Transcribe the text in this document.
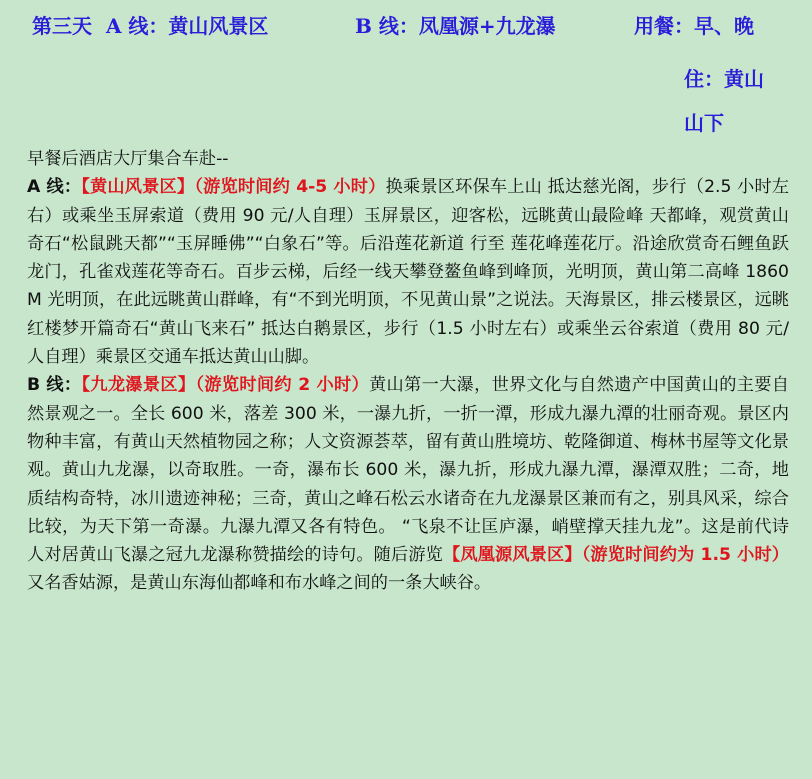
第三天 A 线：黄山风景区	B 线：凤凰源+九龙瀑	用餐：早、晚
住：黄山
山下

早餐后酒店大厅集合车赴--

A 线：【黄山风景区】（游览时间约 4-5 小时）换乘景区环保车上山 抵达慈光阁，步行（2.5 小时左右）或乘坐玉屏索道（费用 90 元/人自理）玉屏景区，迎客松，远眺黄山最险峰 天都峰，观赏黄山奇石“松鼠跳天都”“玉屏睡佛”“白象石”等。后沿莲花新道 行至 莲花峰莲花厅。沿途欣赏奇石鲤鱼跃龙门，孔雀戏莲花等奇石。百步云梯，后经一线天攀登鳌鱼峰到峰顶，光明顶，黄山第二高峰 1860M 光明顶，在此远眺黄山群峰，有“不到光明顶，不见黄山景”之说法。天海景区，排云楼景区，远眺红楼梦开篇奇石“黄山飞来石” 抵达白鹅景区，步行（1.5 小时左右）或乘坐云谷索道（费用 80 元/人自理）乘景区交通车抵达黄山山脚。

B 线：【九龙瀑景区】（游览时间约 2 小时）黄山第一大瀑，世界文化与自然遗产中国黄山的主要自然景观之一。全长 600 米，落差 300 米，一瀑九折，一折一潭，形成九瀑九潭的壮丽奇观。景区内物种丰富，有黄山天然植物园之称；人文资源荟萃，留有黄山胜境坊、乾隆御道、梅林书屋等文化景观。黄山九龙瀑，以奇取胜。一奇，瀑布长 600 米，瀑九折，形成九瀑九潭，瀑潭双胜；二奇，地质结构奇特，冰川遗迹神秘；三奇，黄山之峰石松云水诸奇在九龙瀑景区兼而有之，别具风采，综合比较，为天下第一奇瀑。九瀑九潭又各有特色。 “飞泉不让匡庐瀑，峭壁撑天挂九龙”。这是前代诗人对居黄山飞瀑之冠九龙瀑称赞描绘的诗句。随后游览【凤凰源风景区】（游览时间约为 1.5 小时）又名香姑源，是黄山东海仙都峰和布水峰之间的一条大峡谷。
